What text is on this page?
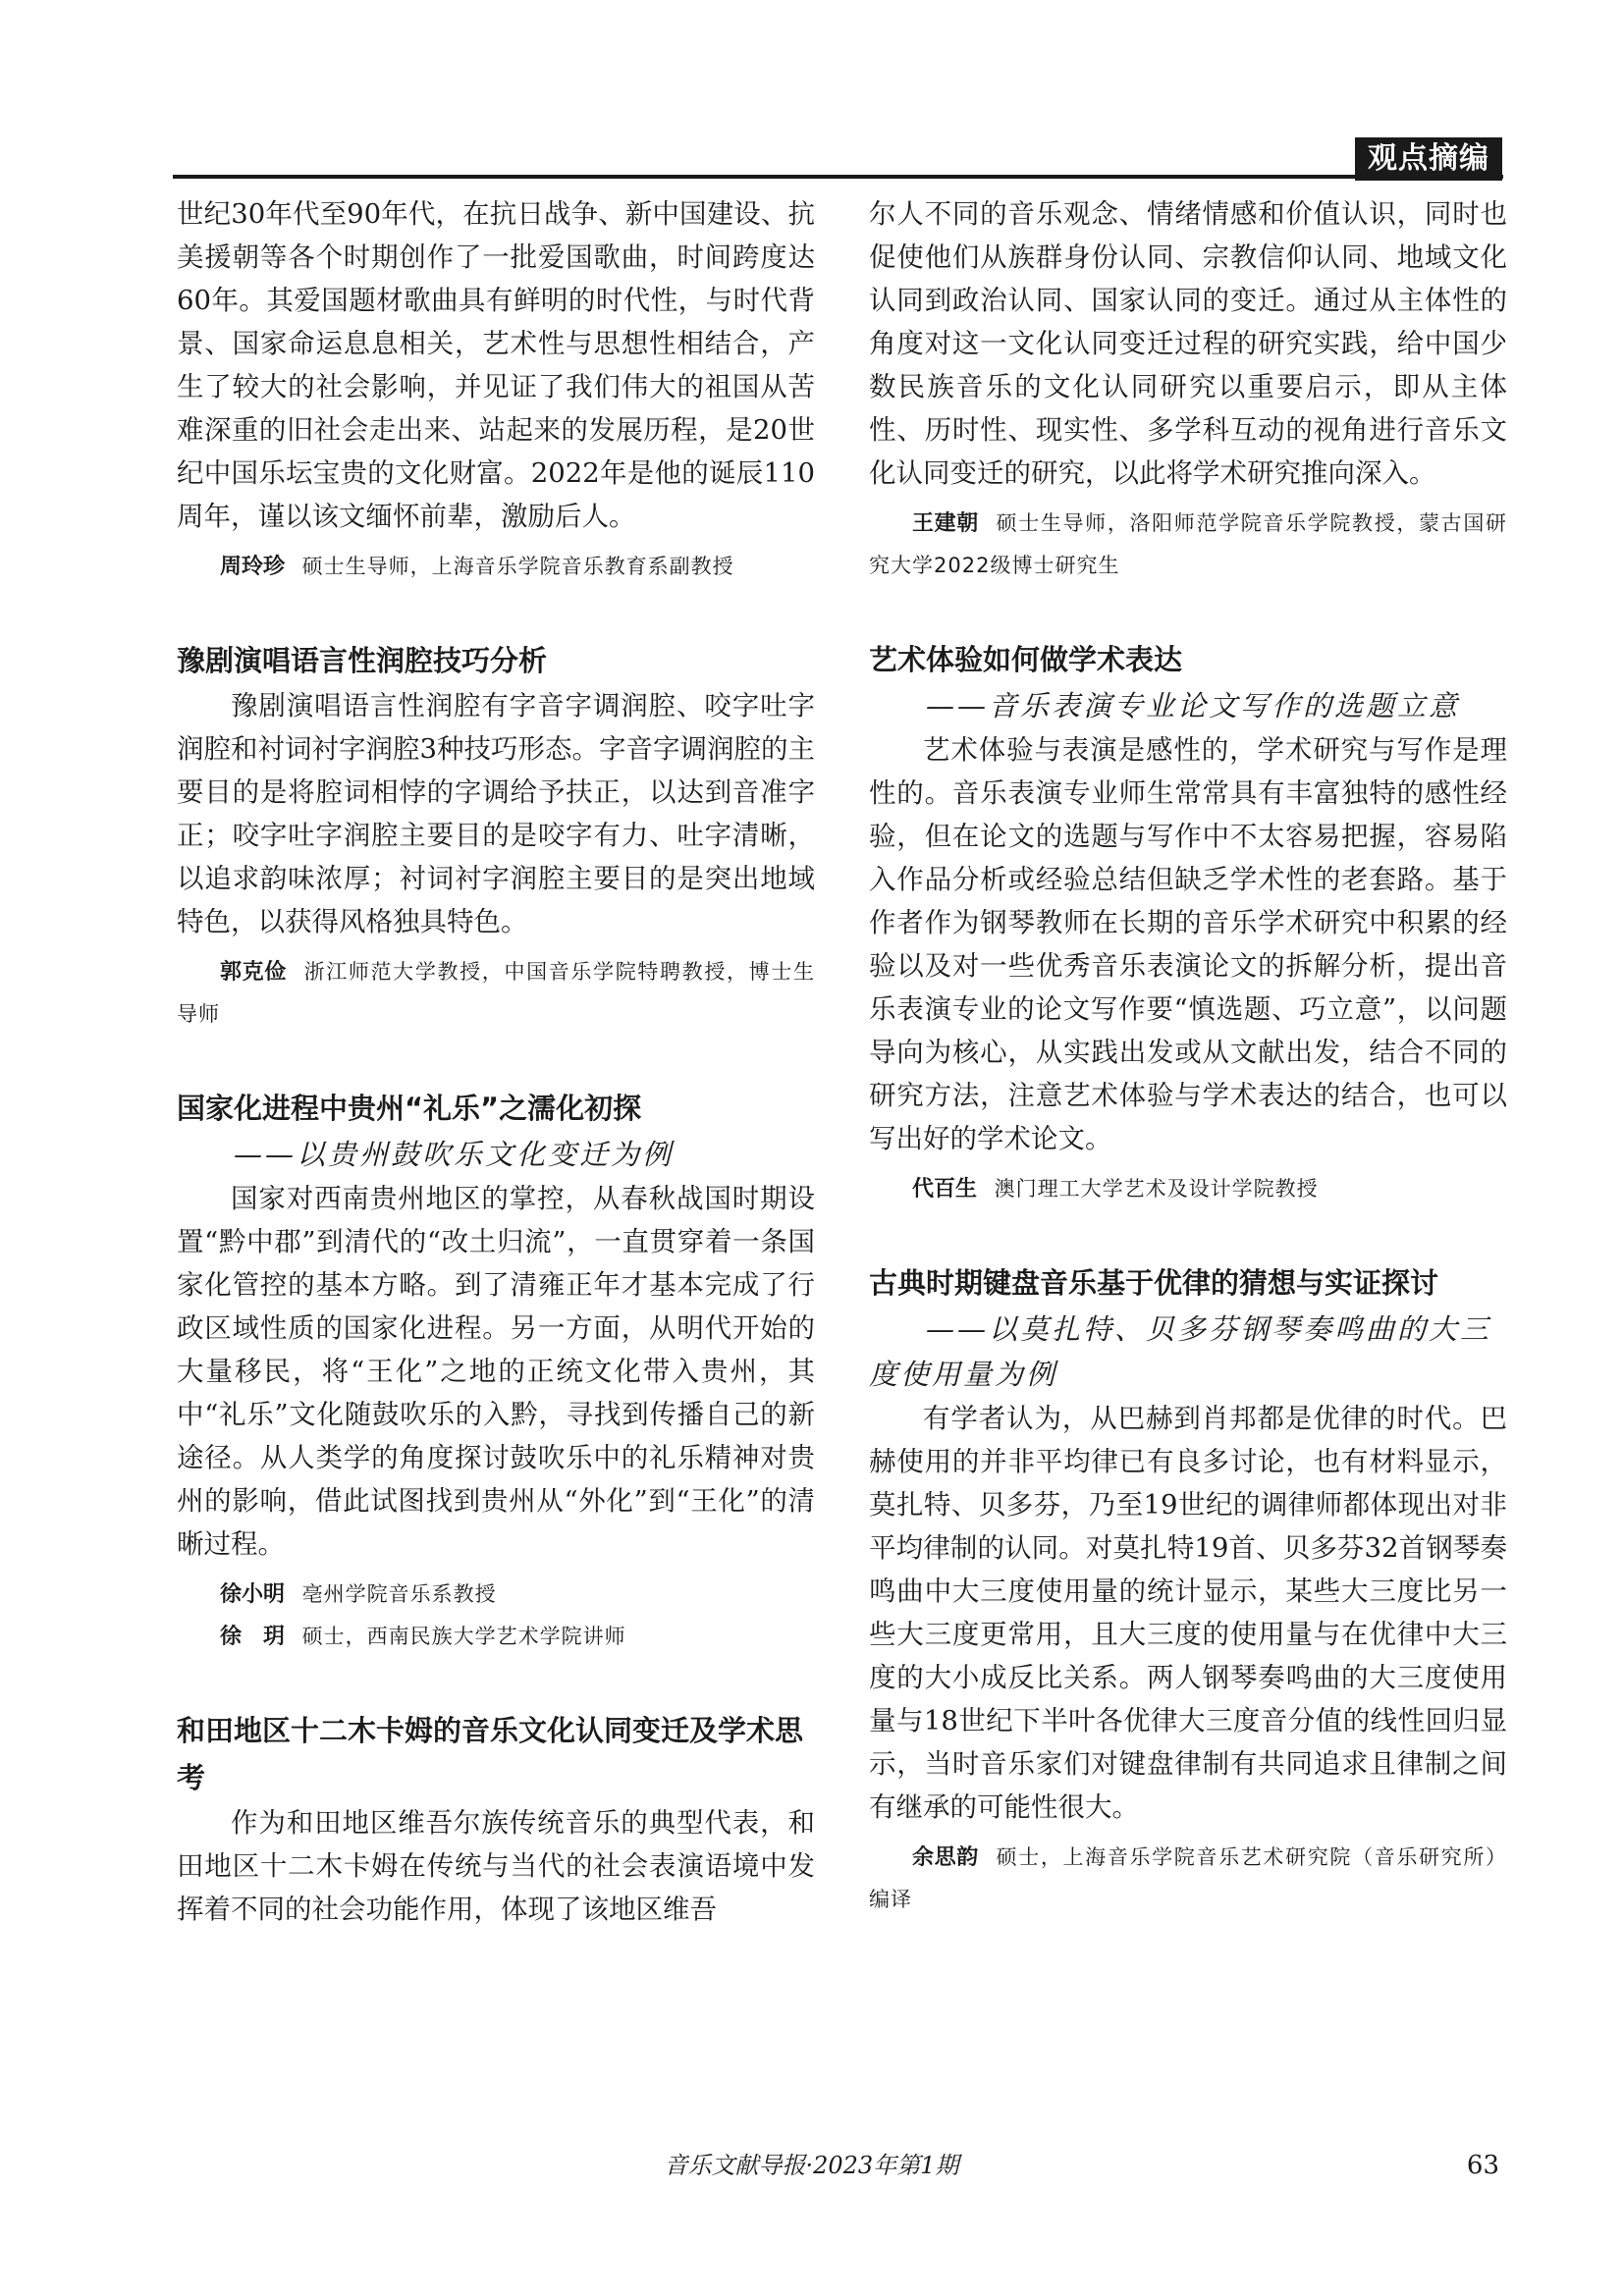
观点摘编

世纪30年代至90年代，在抗日战争、新中国建设、抗美援朝等各个时期创作了一批爱国歌曲，时间跨度达60年。其爱国题材歌曲具有鲜明的时代性，与时代背景、国家命运息息相关，艺术性与思想性相结合，产生了较大的社会影响，并见证了我们伟大的祖国从苦难深重的旧社会走出来、站起来的发展历程，是20世纪中国乐坛宝贵的文化财富。2022年是他的诞辰110周年，谨以该文缅怀前辈，激励后人。

周玲珍 硕士生导师，上海音乐学院音乐教育系副教授

豫剧演唱语言性润腔技巧分析

豫剧演唱语言性润腔有字音字调润腔、咬字吐字润腔和衬词衬字润腔3种技巧形态。字音字调润腔的主要目的是将腔词相悖的字调给予扶正，以达到音准字正；咬字吐字润腔主要目的是咬字有力、吐字清晰，以追求韵味浓厚；衬词衬字润腔主要目的是突出地域特色，以获得风格独具特色。

郭克俭 浙江师范大学教授，中国音乐学院特聘教授，博士生导师

国家化进程中贵州“礼乐”之濡化初探

——以贵州鼓吹乐文化变迁为例

国家对西南贵州地区的掌控，从春秋战国时期设置“黔中郡”到清代的“改土归流”，一直贯穿着一条国家化管控的基本方略。到了清雍正年才基本完成了行政区域性质的国家化进程。另一方面，从明代开始的大量移民，将“王化”之地的正统文化带入贵州，其中“礼乐”文化随鼓吹乐的入黔，寻找到传播自己的新途径。从人类学的角度探讨鼓吹乐中的礼乐精神对贵州的影响，借此试图找到贵州从“外化”到“王化”的清晰过程。

徐小明 亳州学院音乐系教授

徐　玥 硕士，西南民族大学艺术学院讲师

和田地区十二木卡姆的音乐文化认同变迁及学术思考

作为和田地区维吾尔族传统音乐的典型代表，和田地区十二木卡姆在传统与当代的社会表演语境中发挥着不同的社会功能作用，体现了该地区维吾

尔人不同的音乐观念、情绪情感和价值认识，同时也促使他们从族群身份认同、宗教信仰认同、地域文化认同到政治认同、国家认同的变迁。通过从主体性的角度对这一文化认同变迁过程的研究实践，给中国少数民族音乐的文化认同研究以重要启示，即从主体性、历时性、现实性、多学科互动的视角进行音乐文化认同变迁的研究，以此将学术研究推向深入。

王建朝 硕士生导师，洛阳师范学院音乐学院教授，蒙古国研究大学2022级博士研究生

艺术体验如何做学术表达

——音乐表演专业论文写作的选题立意

艺术体验与表演是感性的，学术研究与写作是理性的。音乐表演专业师生常常具有丰富独特的感性经验，但在论文的选题与写作中不太容易把握，容易陷入作品分析或经验总结但缺乏学术性的老套路。基于作者作为钢琴教师在长期的音乐学术研究中积累的经验以及对一些优秀音乐表演论文的拆解分析，提出音乐表演专业的论文写作要“慎选题、巧立意”，以问题导向为核心，从实践出发或从文献出发，结合不同的研究方法，注意艺术体验与学术表达的结合，也可以写出好的学术论文。

代百生 澳门理工大学艺术及设计学院教授

古典时期键盘音乐基于优律的猜想与实证探讨

——以莫扎特、贝多芬钢琴奏鸣曲的大三度使用量为例

有学者认为，从巴赫到肖邦都是优律的时代。巴赫使用的并非平均律已有良多讨论，也有材料显示，莫扎特、贝多芬，乃至19世纪的调律师都体现出对非平均律制的认同。对莫扎特19首、贝多芬32首钢琴奏鸣曲中大三度使用量的统计显示，某些大三度比另一些大三度更常用，且大三度的使用量与在优律中大三度的大小成反比关系。两人钢琴奏鸣曲的大三度使用量与18世纪下半叶各优律大三度音分值的线性回归显示，当时音乐家们对键盘律制有共同追求且律制之间有继承的可能性很大。

余思韵 硕士，上海音乐学院音乐艺术研究院（音乐研究所）编译

音乐文献导报·2023年第1期	63
